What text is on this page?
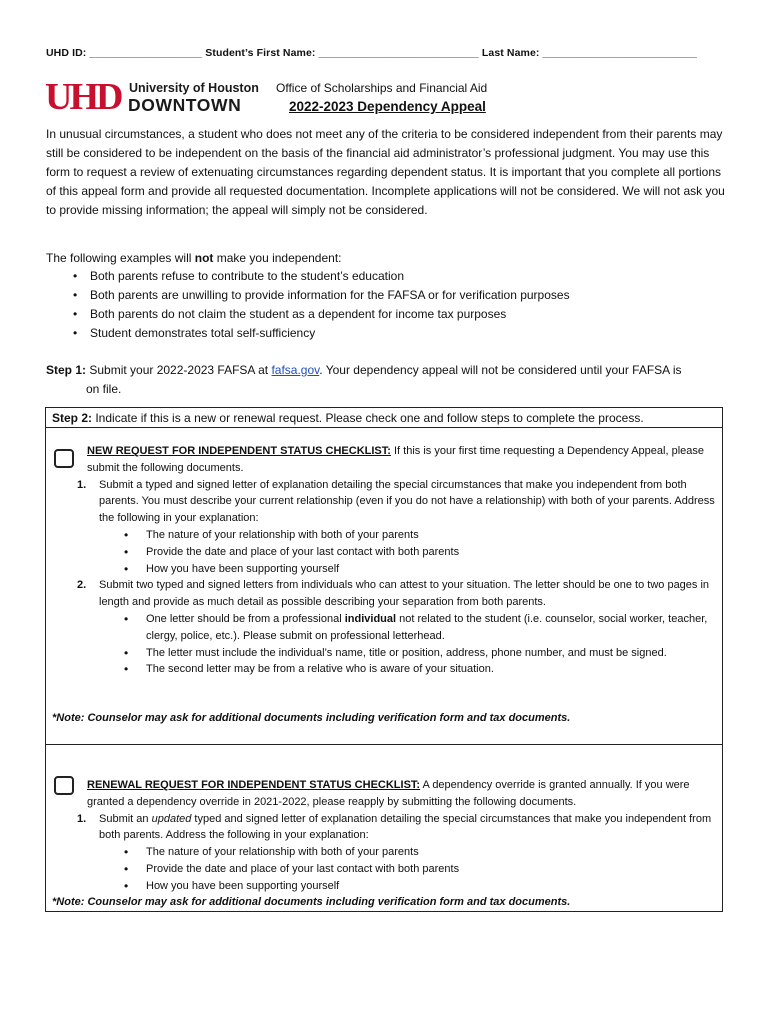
UHD ID: ___________________ Student’s First Name: ___________________________ Last Name: __________________________
UHD University of Houston
DOWNTOWN
Office of Scholarships and Financial Aid
2022-2023 Dependency Appeal
In unusual circumstances, a student who does not meet any of the criteria to be considered independent from their parents may still be considered to be independent on the basis of the financial aid administrator’s professional judgment. You may use this form to request a review of extenuating circumstances regarding dependent status. It is important that you complete all portions of this appeal form and provide all requested documentation. Incomplete applications will not be considered. We will not ask you to provide missing information; the appeal will simply not be considered.
The following examples will not make you independent:
• Both parents refuse to contribute to the student’s education
• Both parents are unwilling to provide information for the FAFSA or for verification purposes
• Both parents do not claim the student as a dependent for income tax purposes
• Student demonstrates total self-sufficiency
Step 1: Submit your 2022-2023 FAFSA at fafsa.gov. Your dependency appeal will not be considered until your FAFSA is
on file.
Step 2: Indicate if this is a new or renewal request. Please check one and follow steps to complete the process.
NEW REQUEST FOR INDEPENDENT STATUS CHECKLIST: If this is your first time requesting a Dependency Appeal, please submit the following documents.
1. Submit a typed and signed letter of explanation detailing the special circumstances that make you independent from both parents. You must describe your current relationship (even if you do not have a relationship) with both of your parents. Address the following in your explanation:
• The nature of your relationship with both of your parents
• Provide the date and place of your last contact with both parents
• How you have been supporting yourself
2. Submit two typed and signed letters from individuals who can attest to your situation. The letter should be one to two pages in length and provide as much detail as possible describing your separation from both parents.
• One letter should be from a professional individual not related to the student (i.e. counselor, social worker, teacher, clergy, police, etc.). Please submit on professional letterhead.
• The letter must include the individual’s name, title or position, address, phone number, and must be signed.
• The second letter may be from a relative who is aware of your situation.
*Note: Counselor may ask for additional documents including verification form and tax documents.
RENEWAL REQUEST FOR INDEPENDENT STATUS CHECKLIST: A dependency override is granted annually. If you were granted a dependency override in 2021-2022, please reapply by submitting the following documents.
1. Submit an updated typed and signed letter of explanation detailing the special circumstances that make you independent from both parents. Address the following in your explanation:
• The nature of your relationship with both of your parents
• Provide the date and place of your last contact with both parents
• How you have been supporting yourself
*Note: Counselor may ask for additional documents including verification form and tax documents.
